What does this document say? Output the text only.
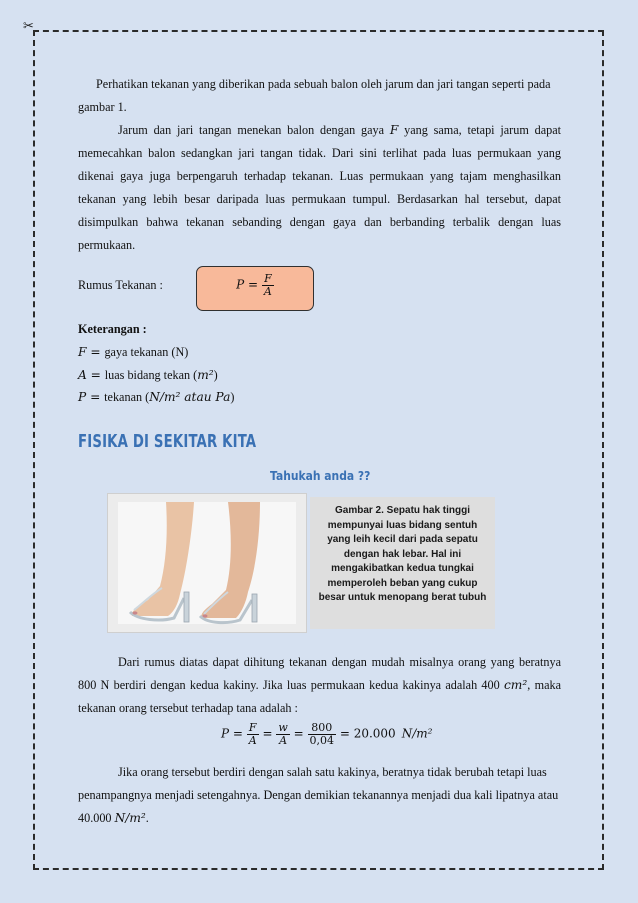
✂
Perhatikan tekanan yang diberikan pada sebuah balon oleh jarum dan jari tangan seperti pada gambar 1.
Jarum dan jari tangan menekan balon dengan gaya F yang sama, tetapi jarum dapat memecahkan balon sedangkan jari tangan tidak. Dari sini terlihat pada luas permukaan yang dikenai gaya juga berpengaruh terhadap tekanan. Luas permukaan yang tajam menghasilkan tekanan yang lebih besar daripada luas permukaan tumpul. Berdasarkan hal tersebut, dapat disimpulkan bahwa tekanan sebanding dengan gaya dan berbanding terbalik dengan luas permukaan.
Rumus Tekanan :	$P = \frac{F}{A}$
Keterangan :
F = gaya tekanan (N)
A = luas bidang tekan (m²)
P = tekanan (N/m² atau Pa)
FISIKA DI SEKITAR KITA
Tahukah anda ??
Gambar 2. Sepatu hak tinggi mempunyai luas bidang sentuh yang leih kecil dari pada sepatu dengan hak lebar. Hal ini mengakibatkan kedua tungkai memperoleh beban yang cukup besar untuk menopang berat tubuh
Dari rumus diatas dapat dihitung tekanan dengan mudah misalnya orang yang beratnya 800 N berdiri dengan kedua kakiny. Jika luas permukaan kedua kakinya adalah 400 cm², maka tekanan orang tersebut terhadap tana adalah :
$P = \frac{F}{A} = \frac{w}{A} = \frac{800}{0,04} = 20.000$ N/m²
Jika orang tersebut berdiri dengan salah satu kakinya, beratnya tidak berubah tetapi luas penampangnya menjadi setengahnya. Dengan demikian tekanannya menjadi dua kali lipatnya atau 40.000 N/m².
